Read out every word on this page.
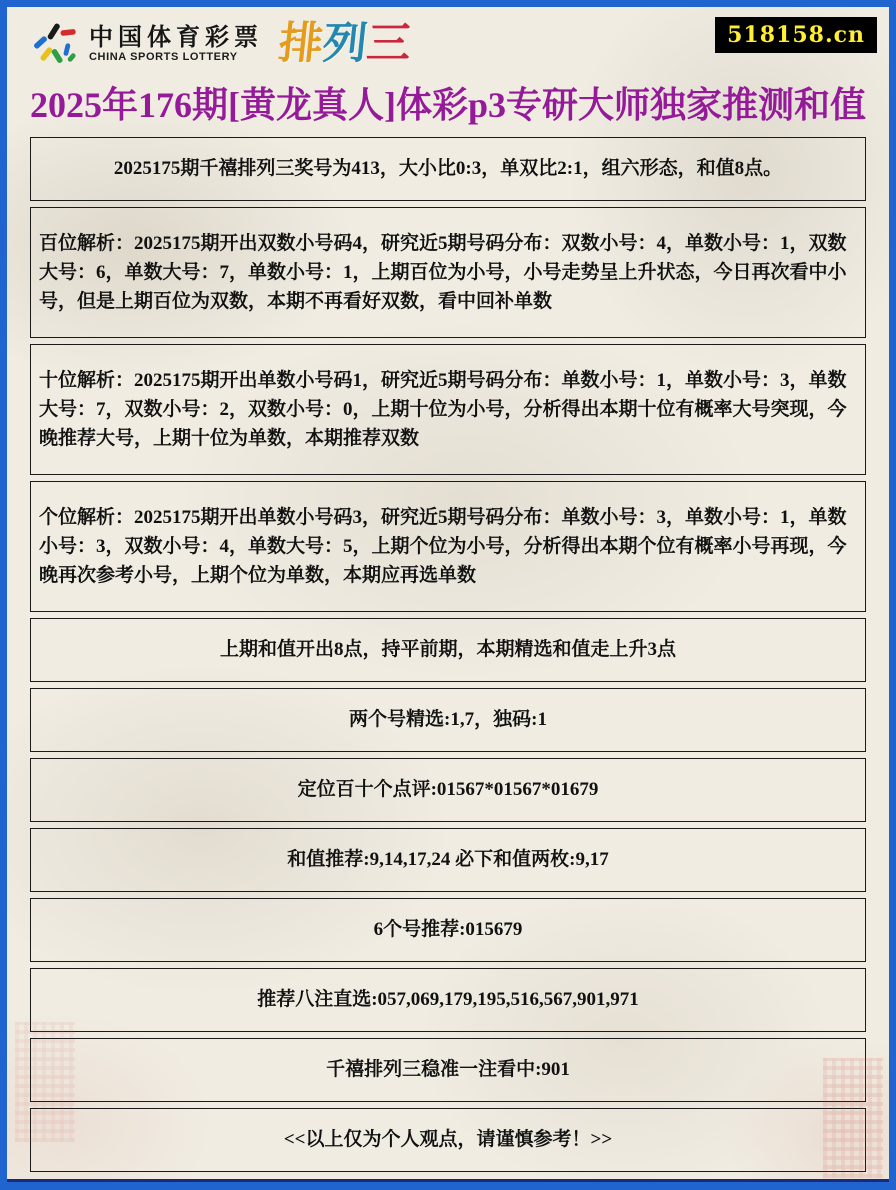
中国体育彩票
CHINA SPORTS LOTTERY 排
列
三	518158.cn
2025年176期[黄龙真人]体彩p3专研大师独家推测和值

2025175期千禧排列三奖号为413，大小比0:3，单双比2:1，组六形态，和值8点。

百位解析：2025175期开出双数小号码4，研究近5期号码分布：双数小号：4，单数小号：1，双数大号：6，单数大号：7，单数小号：1，上期百位为小号，小号走势呈上升状态，今日再次看中小号，但是上期百位为双数，本期不再看好双数，看中回补单数

十位解析：2025175期开出单数小号码1，研究近5期号码分布：单数小号：1，单数小号：3，单数大号：7，双数小号：2，双数小号：0，上期十位为小号，分析得出本期十位有概率大号突现，今晚推荐大号，上期十位为单数，本期推荐双数

个位解析：2025175期开出单数小号码3，研究近5期号码分布：单数小号：3，单数小号：1，单数小号：3，双数小号：4，单数大号：5，上期个位为小号，分析得出本期个位有概率小号再现，今晚再次参考小号，上期个位为单数，本期应再选单数

上期和值开出8点，持平前期，本期精选和值走上升3点

两个号精选:1,7，独码:1

定位百十个点评:01567*01567*01679

和值推荐:9,14,17,24 必下和值两枚:9,17

6个号推荐:015679

推荐八注直选:057,069,179,195,516,567,901,971

千禧排列三稳准一注看中:901

<<以上仅为个人观点，请谨慎参考！>>
